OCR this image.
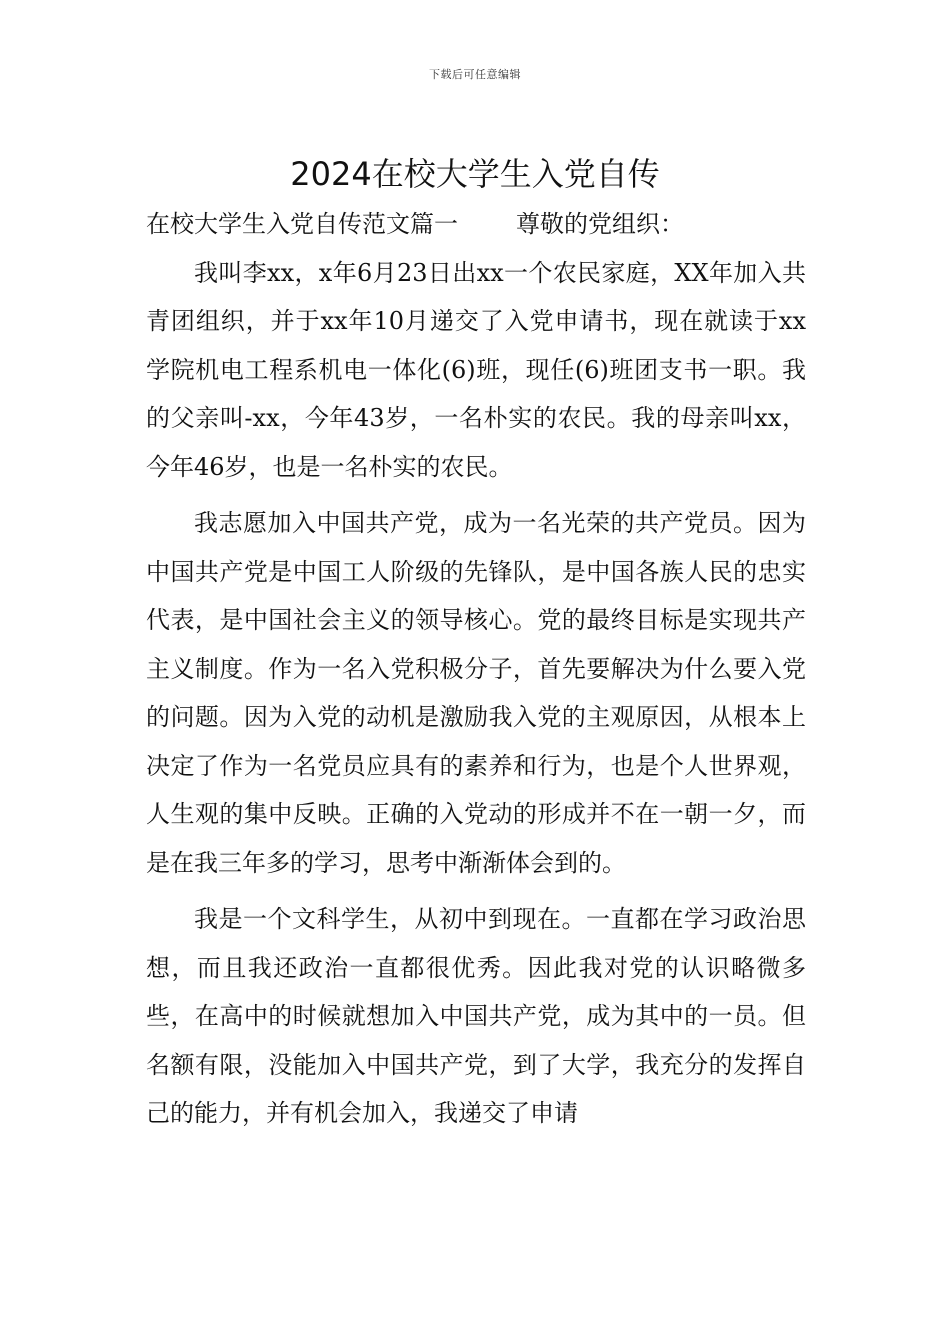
下载后可任意编辑
2024在校大学生入党自传

在校大学生入党自传范文篇一 尊敬的党组织：

我叫李xx，x年6月23日出xx一个农民家庭，XX年加入共青团组织，并于xx年10月递交了入党申请书，现在就读于xx学院机电工程系机电一体化(6)班，现任(6)班团支书一职。我的父亲叫-xx，今年43岁，一名朴实的农民。我的母亲叫xx，今年46岁，也是一名朴实的农民。

我志愿加入中国共产党，成为一名光荣的共产党员。因为中国共产党是中国工人阶级的先锋队，是中国各族人民的忠实代表，是中国社会主义的领导核心。党的最终目标是实现共产主义制度。作为一名入党积极分子，首先要解决为什么要入党的问题。因为入党的动机是激励我入党的主观原因，从根本上决定了作为一名党员应具有的素养和行为，也是个人世界观，人生观的集中反映。正确的入党动的形成并不在一朝一夕，而是在我三年多的学习，思考中渐渐体会到的。

我是一个文科学生，从初中到现在。一直都在学习政治思想，而且我还政治一直都很优秀。因此我对党的认识略微多些，在高中的时候就想加入中国共产党，成为其中的一员。但名额有限，没能加入中国共产党，到了大学，我充分的发挥自己的能力，并有机会加入，我递交了申请
